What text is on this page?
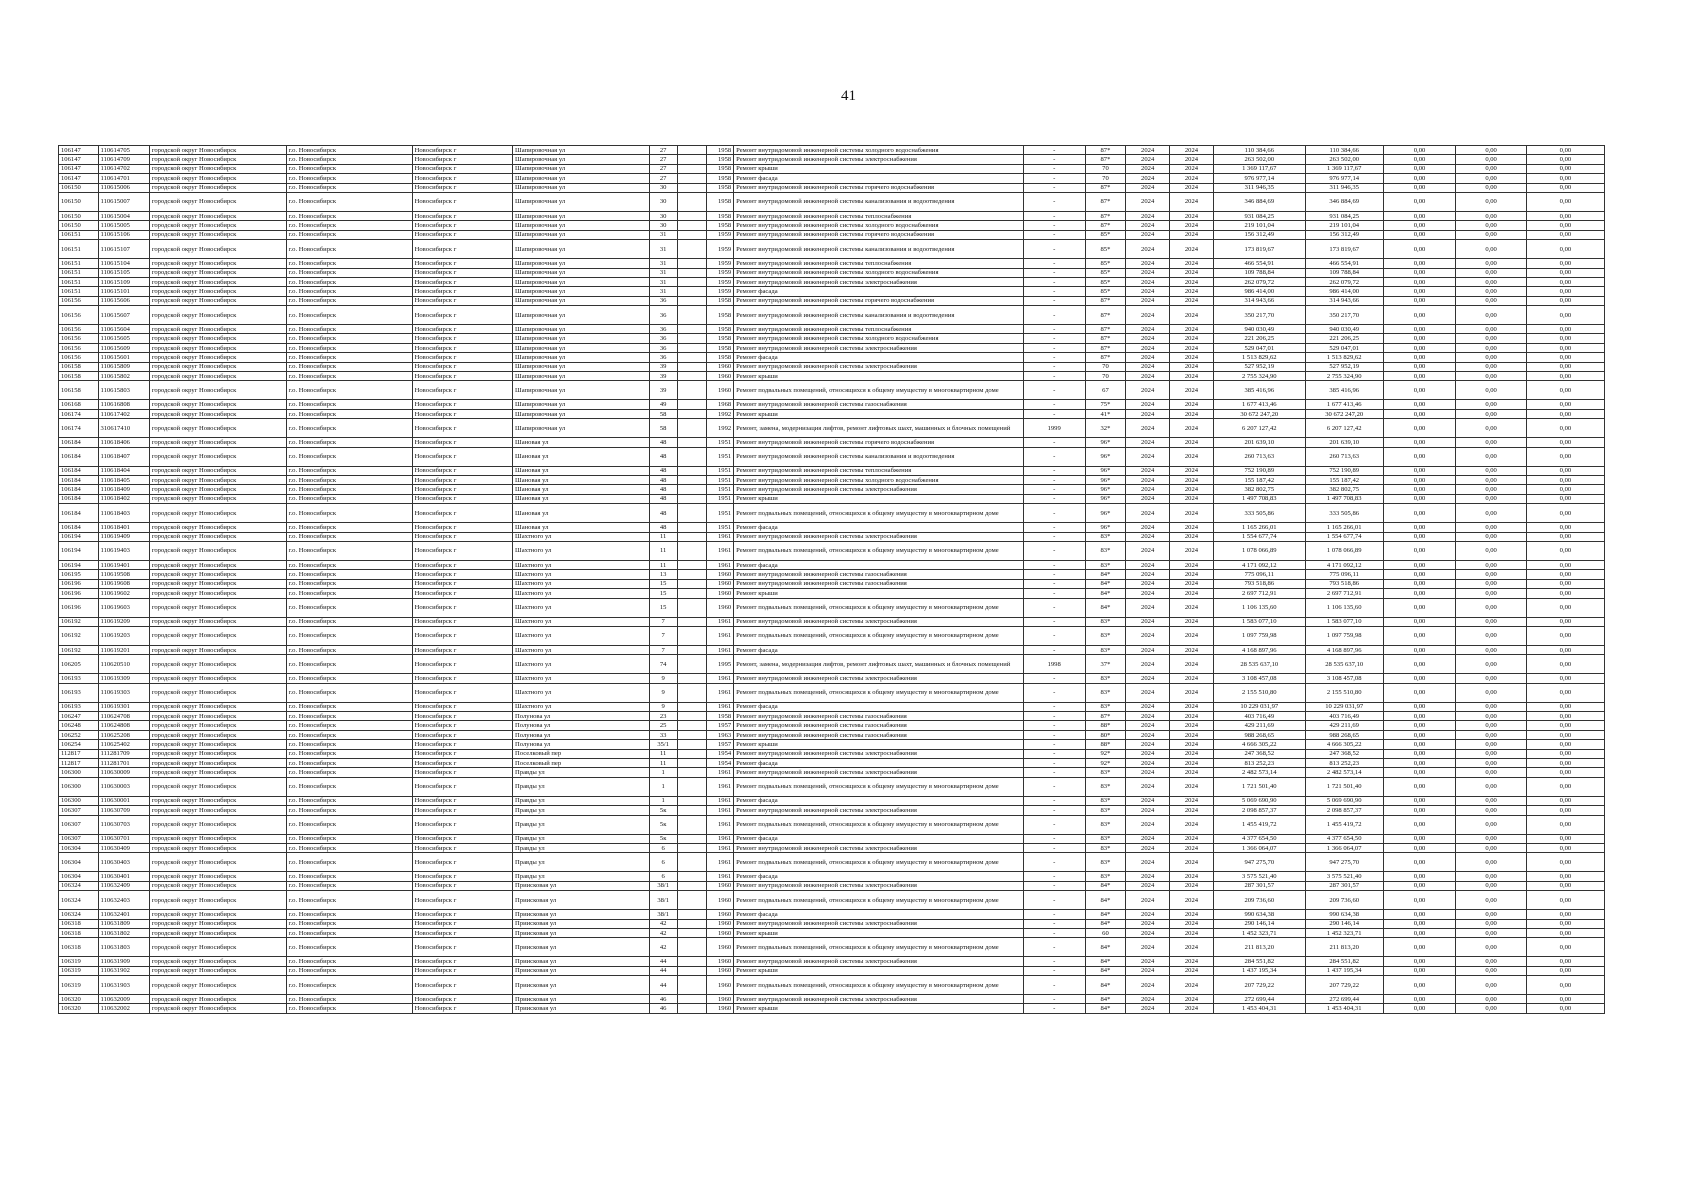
41
106147	110614705	городской округ Новосибирск	г.о. Новосибирск	Новосибирск г	Шапировочная ул	27		1958	Ремонт внутридомовой инженерной системы холодного водоснабжения	-	87*	2024	2024	110 384,66	110 384,66	0,00	0,00	0,00
106147	110614709	городской округ Новосибирск	г.о. Новосибирск	Новосибирск г	Шапировочная ул	27		1958	Ремонт внутридомовой инженерной системы электроснабжения	-	87*	2024	2024	263 502,00	263 502,00	0,00	0,00	0,00
106147	110614702	городской округ Новосибирск	г.о. Новосибирск	Новосибирск г	Шапировочная ул	27		1958	Ремонт крыши	-	70	2024	2024	1 369 117,67	1 369 117,67	0,00	0,00	0,00
106147	110614701	городской округ Новосибирск	г.о. Новосибирск	Новосибирск г	Шапировочная ул	27		1958	Ремонт фасада	-	70	2024	2024	976 977,14	976 977,14	0,00	0,00	0,00
106150	110615006	городской округ Новосибирск	г.о. Новосибирск	Новосибирск г	Шапировочная ул	30		1958	Ремонт внутридомовой инженерной системы горячего водоснабжения	-	87*	2024	2024	311 946,35	311 946,35	0,00	0,00	0,00
106150	110615007	городской округ Новосибирск	г.о. Новосибирск	Новосибирск г	Шапировочная ул	30		1958	Ремонт внутридомовой инженерной системы канализования и водоотведения	-	87*	2024	2024	346 884,69	346 884,69	0,00	0,00	0,00
106150	110615004	городской округ Новосибирск	г.о. Новосибирск	Новосибирск г	Шапировочная ул	30		1958	Ремонт внутридомовой инженерной системы теплоснабжения	-	87*	2024	2024	931 084,25	931 084,25	0,00	0,00	0,00
106150	110615005	городской округ Новосибирск	г.о. Новосибирск	Новосибирск г	Шапировочная ул	30		1958	Ремонт внутридомовой инженерной системы холодного водоснабжения	-	87*	2024	2024	219 101,04	219 101,04	0,00	0,00	0,00
106151	110615106	городской округ Новосибирск	г.о. Новосибирск	Новосибирск г	Шапировочная ул	31		1959	Ремонт внутридомовой инженерной системы горячего водоснабжения	-	85*	2024	2024	156 312,49	156 312,49	0,00	0,00	0,00
106151	110615107	городской округ Новосибирск	г.о. Новосибирск	Новосибирск г	Шапировочная ул	31		1959	Ремонт внутридомовой инженерной системы канализования и водоотведения	-	85*	2024	2024	173 819,67	173 819,67	0,00	0,00	0,00
106151	110615104	городской округ Новосибирск	г.о. Новосибирск	Новосибирск г	Шапировочная ул	31		1959	Ремонт внутридомовой инженерной системы теплоснабжения	-	85*	2024	2024	466 554,91	466 554,91	0,00	0,00	0,00
106151	110615105	городской округ Новосибирск	г.о. Новосибирск	Новосибирск г	Шапировочная ул	31		1959	Ремонт внутридомовой инженерной системы холодного водоснабжения	-	85*	2024	2024	109 788,84	109 788,84	0,00	0,00	0,00
106151	110615109	городской округ Новосибирск	г.о. Новосибирск	Новосибирск г	Шапировочная ул	31		1959	Ремонт внутридомовой инженерной системы электроснабжения	-	85*	2024	2024	262 079,72	262 079,72	0,00	0,00	0,00
106151	110615101	городской округ Новосибирск	г.о. Новосибирск	Новосибирск г	Шапировочная ул	31		1959	Ремонт фасада	-	85*	2024	2024	986 414,00	986 414,00	0,00	0,00	0,00
106156	110615606	городской округ Новосибирск	г.о. Новосибирск	Новосибирск г	Шапировочная ул	36		1958	Ремонт внутридомовой инженерной системы горячего водоснабжения	-	87*	2024	2024	314 943,66	314 943,66	0,00	0,00	0,00
106156	110615607	городской округ Новосибирск	г.о. Новосибирск	Новосибирск г	Шапировочная ул	36		1958	Ремонт внутридомовой инженерной системы канализования и водоотведения	-	87*	2024	2024	350 217,70	350 217,70	0,00	0,00	0,00
106156	110615604	городской округ Новосибирск	г.о. Новосибирск	Новосибирск г	Шапировочная ул	36		1958	Ремонт внутридомовой инженерной системы теплоснабжения	-	87*	2024	2024	940 030,49	940 030,49	0,00	0,00	0,00
106156	110615605	городской округ Новосибирск	г.о. Новосибирск	Новосибирск г	Шапировочная ул	36		1958	Ремонт внутридомовой инженерной системы холодного водоснабжения	-	87*	2024	2024	221 206,25	221 206,25	0,00	0,00	0,00
106156	110615609	городской округ Новосибирск	г.о. Новосибирск	Новосибирск г	Шапировочная ул	36		1958	Ремонт внутридомовой инженерной системы электроснабжения	-	87*	2024	2024	529 047,01	529 047,01	0,00	0,00	0,00
106156	110615601	городской округ Новосибирск	г.о. Новосибирск	Новосибирск г	Шапировочная ул	36		1958	Ремонт фасада	-	87*	2024	2024	1 513 829,62	1 513 829,62	0,00	0,00	0,00
106158	110615809	городской округ Новосибирск	г.о. Новосибирск	Новосибирск г	Шапировочная ул	39		1960	Ремонт внутридомовой инженерной системы электроснабжения	-	70	2024	2024	527 952,19	527 952,19	0,00	0,00	0,00
106158	110615802	городской округ Новосибирск	г.о. Новосибирск	Новосибирск г	Шапировочная ул	39		1960	Ремонт крыши	-	70	2024	2024	2 755 324,90	2 755 324,90	0,00	0,00	0,00
106158	110615803	городской округ Новосибирск	г.о. Новосибирск	Новосибирск г	Шапировочная ул	39		1960	Ремонт подвальных помещений, относящихся к общему имуществу в многоквартирном доме	-	67	2024	2024	385 416,96	385 416,96	0,00	0,00	0,00
106168	110616808	городской округ Новосибирск	г.о. Новосибирск	Новосибирск г	Шапировочная ул	49		1968	Ремонт внутридомовой инженерной системы газоснабжения	-	75*	2024	2024	1 677 413,46	1 677 413,46	0,00	0,00	0,00
106174	110617402	городской округ Новосибирск	г.о. Новосибирск	Новосибирск г	Шапировочная ул	58		1992	Ремонт крыши	-	41*	2024	2024	30 672 247,20	30 672 247,20	0,00	0,00	0,00
106174	310617410	городской округ Новосибирск	г.о. Новосибирск	Новосибирск г	Шапировочная ул	58		1992	Ремонт, замена, модернизация лифтов, ремонт лифтовых шахт, машинных и блочных помещений	1999	32*	2024	2024	6 207 127,42	6 207 127,42	0,00	0,00	0,00
106184	110618406	городской округ Новосибирск	г.о. Новосибирск	Новосибирск г	Шановая ул	48		1951	Ремонт внутридомовой инженерной системы горячего водоснабжения	-	96*	2024	2024	201 639,10	201 639,10	0,00	0,00	0,00
106184	110618407	городской округ Новосибирск	г.о. Новосибирск	Новосибирск г	Шановая ул	48		1951	Ремонт внутридомовой инженерной системы канализования и водоотведения	-	96*	2024	2024	260 713,63	260 713,63	0,00	0,00	0,00
106184	110618404	городской округ Новосибирск	г.о. Новосибирск	Новосибирск г	Шановая ул	48		1951	Ремонт внутридомовой инженерной системы теплоснабжения	-	96*	2024	2024	752 190,89	752 190,89	0,00	0,00	0,00
106184	110618405	городской округ Новосибирск	г.о. Новосибирск	Новосибирск г	Шановая ул	48		1951	Ремонт внутридомовой инженерной системы холодного водоснабжения	-	96*	2024	2024	155 187,42	155 187,42	0,00	0,00	0,00
106184	110618409	городской округ Новосибирск	г.о. Новосибирск	Новосибирск г	Шановая ул	48		1951	Ремонт внутридомовой инженерной системы электроснабжения	-	96*	2024	2024	382 802,75	382 802,75	0,00	0,00	0,00
106184	110618402	городской округ Новосибирск	г.о. Новосибирск	Новосибирск г	Шановая ул	48		1951	Ремонт крыши	-	96*	2024	2024	1 497 708,83	1 497 708,83	0,00	0,00	0,00
106184	110618403	городской округ Новосибирск	г.о. Новосибирск	Новосибирск г	Шановая ул	48		1951	Ремонт подвальных помещений, относящихся к общему имуществу в многоквартирном доме	-	96*	2024	2024	333 505,86	333 505,86	0,00	0,00	0,00
106184	110618401	городской округ Новосибирск	г.о. Новосибирск	Новосибирск г	Шановая ул	48		1951	Ремонт фасада	-	96*	2024	2024	1 165 266,01	1 165 266,01	0,00	0,00	0,00
106194	110619409	городской округ Новосибирск	г.о. Новосибирск	Новосибирск г	Шахтного ул	11		1961	Ремонт внутридомовой инженерной системы электроснабжения	-	83*	2024	2024	1 554 677,74	1 554 677,74	0,00	0,00	0,00
106194	110619403	городской округ Новосибирск	г.о. Новосибирск	Новосибирск г	Шахтного ул	11		1961	Ремонт подвальных помещений, относящихся к общему имуществу в многоквартирном доме	-	83*	2024	2024	1 078 066,89	1 078 066,89	0,00	0,00	0,00
106194	110619401	городской округ Новосибирск	г.о. Новосибирск	Новосибирск г	Шахтного ул	11		1961	Ремонт фасада	-	83*	2024	2024	4 171 092,12	4 171 092,12	0,00	0,00	0,00
106195	110619508	городской округ Новосибирск	г.о. Новосибирск	Новосибирск г	Шахтного ул	13		1960	Ремонт внутридомовой инженерной системы газоснабжения	-	84*	2024	2024	775 096,11	775 096,11	0,00	0,00	0,00
106196	110619608	городской округ Новосибирск	г.о. Новосибирск	Новосибирск г	Шахтного ул	15		1960	Ремонт внутридомовой инженерной системы газоснабжения	-	84*	2024	2024	793 518,86	793 518,86	0,00	0,00	0,00
106196	110619602	городской округ Новосибирск	г.о. Новосибирск	Новосибирск г	Шахтного ул	15		1960	Ремонт крыши	-	84*	2024	2024	2 697 712,91	2 697 712,91	0,00	0,00	0,00
106196	110619603	городской округ Новосибирск	г.о. Новосибирск	Новосибирск г	Шахтного ул	15		1960	Ремонт подвальных помещений, относящихся к общему имуществу в многоквартирном доме	-	84*	2024	2024	1 106 135,60	1 106 135,60	0,00	0,00	0,00
106192	110619209	городской округ Новосибирск	г.о. Новосибирск	Новосибирск г	Шахтного ул	7		1961	Ремонт внутридомовой инженерной системы электроснабжения	-	83*	2024	2024	1 583 077,10	1 583 077,10	0,00	0,00	0,00
106192	110619203	городской округ Новосибирск	г.о. Новосибирск	Новосибирск г	Шахтного ул	7		1961	Ремонт подвальных помещений, относящихся к общему имуществу в многоквартирном доме	-	83*	2024	2024	1 097 759,98	1 097 759,98	0,00	0,00	0,00
106192	110619201	городской округ Новосибирск	г.о. Новосибирск	Новосибирск г	Шахтного ул	7		1961	Ремонт фасада	-	83*	2024	2024	4 168 897,96	4 168 897,96	0,00	0,00	0,00
106205	110620510	городской округ Новосибирск	г.о. Новосибирск	Новосибирск г	Шахтного ул	74		1995	Ремонт, замена, модернизация лифтов, ремонт лифтовых шахт, машинных и блочных помещений	1998	37*	2024	2024	28 535 637,10	28 535 637,10	0,00	0,00	0,00
106193	110619309	городской округ Новосибирск	г.о. Новосибирск	Новосибирск г	Шахтного ул	9		1961	Ремонт внутридомовой инженерной системы электроснабжения	-	83*	2024	2024	3 108 457,08	3 108 457,08	0,00	0,00	0,00
106193	110619303	городской округ Новосибирск	г.о. Новосибирск	Новосибирск г	Шахтного ул	9		1961	Ремонт подвальных помещений, относящихся к общему имуществу в многоквартирном доме	-	83*	2024	2024	2 155 510,80	2 155 510,80	0,00	0,00	0,00
106193	110619301	городской округ Новосибирск	г.о. Новосибирск	Новосибирск г	Шахтного ул	9		1961	Ремонт фасада	-	83*	2024	2024	10 229 031,97	10 229 031,97	0,00	0,00	0,00
106247	110624708	городской округ Новосибирск	г.о. Новосибирск	Новосибирск г	Полунова ул	23		1958	Ремонт внутридомовой инженерной системы газоснабжения	-	87*	2024	2024	403 716,49	403 716,49	0,00	0,00	0,00
106248	110624808	городской округ Новосибирск	г.о. Новосибирск	Новосибирск г	Полунова ул	25		1957	Ремонт внутридомовой инженерной системы газоснабжения	-	88*	2024	2024	429 211,69	429 211,69	0,00	0,00	0,00
106252	110625208	городской округ Новосибирск	г.о. Новосибирск	Новосибирск г	Полунова ул	33		1963	Ремонт внутридомовой инженерной системы газоснабжения	-	80*	2024	2024	988 268,65	988 268,65	0,00	0,00	0,00
106254	110625402	городской округ Новосибирск	г.о. Новосибирск	Новосибирск г	Полунова ул	35/1		1957	Ремонт крыши	-	88*	2024	2024	4 666 305,22	4 666 305,22	0,00	0,00	0,00
112817	111281709	городской округ Новосибирск	г.о. Новосибирск	Новосибирск г	Поселковый пер	11		1954	Ремонт внутридомовой инженерной системы электроснабжения	-	92*	2024	2024	247 368,52	247 368,52	0,00	0,00	0,00
112817	111281701	городской округ Новосибирск	г.о. Новосибирск	Новосибирск г	Поселковый пер	11		1954	Ремонт фасада	-	92*	2024	2024	813 252,23	813 252,23	0,00	0,00	0,00
106300	110630009	городской округ Новосибирск	г.о. Новосибирск	Новосибирск г	Правды ул	1		1961	Ремонт внутридомовой инженерной системы электроснабжения	-	83*	2024	2024	2 482 573,14	2 482 573,14	0,00	0,00	0,00
106300	110630003	городской округ Новосибирск	г.о. Новосибирск	Новосибирск г	Правды ул	1		1961	Ремонт подвальных помещений, относящихся к общему имуществу в многоквартирном доме	-	83*	2024	2024	1 721 501,40	1 721 501,40	0,00	0,00	0,00
106300	110630001	городской округ Новосибирск	г.о. Новосибирск	Новосибирск г	Правды ул	1		1961	Ремонт фасада	-	83*	2024	2024	5 069 690,90	5 069 690,90	0,00	0,00	0,00
106307	110630709	городской округ Новосибирск	г.о. Новосибирск	Новосибирск г	Правды ул	5к		1961	Ремонт внутридомовой инженерной системы электроснабжения	-	83*	2024	2024	2 098 857,37	2 098 857,37	0,00	0,00	0,00
106307	110630703	городской округ Новосибирск	г.о. Новосибирск	Новосибирск г	Правды ул	5к		1961	Ремонт подвальных помещений, относящихся к общему имуществу в многоквартирном доме	-	83*	2024	2024	1 455 419,72	1 455 419,72	0,00	0,00	0,00
106307	110630701	городской округ Новосибирск	г.о. Новосибирск	Новосибирск г	Правды ул	5к		1961	Ремонт фасада	-	83*	2024	2024	4 377 654,50	4 377 654,50	0,00	0,00	0,00
106304	110630409	городской округ Новосибирск	г.о. Новосибирск	Новосибирск г	Правды ул	6		1961	Ремонт внутридомовой инженерной системы электроснабжения	-	83*	2024	2024	1 366 064,07	1 366 064,07	0,00	0,00	0,00
106304	110630403	городской округ Новосибирск	г.о. Новосибирск	Новосибирск г	Правды ул	6		1961	Ремонт подвальных помещений, относящихся к общему имуществу в многоквартирном доме	-	83*	2024	2024	947 275,70	947 275,70	0,00	0,00	0,00
106304	110630401	городской округ Новосибирск	г.о. Новосибирск	Новосибирск г	Правды ул	6		1961	Ремонт фасада	-	83*	2024	2024	3 575 521,40	3 575 521,40	0,00	0,00	0,00
106324	110632409	городской округ Новосибирск	г.о. Новосибирск	Новосибирск г	Приисковая ул	38/1		1960	Ремонт внутридомовой инженерной системы электроснабжения	-	84*	2024	2024	287 301,57	287 301,57	0,00	0,00	0,00
106324	110632403	городской округ Новосибирск	г.о. Новосибирск	Новосибирск г	Приисковая ул	38/1		1960	Ремонт подвальных помещений, относящихся к общему имуществу в многоквартирном доме	-	84*	2024	2024	209 736,60	209 736,60	0,00	0,00	0,00
106324	110632401	городской округ Новосибирск	г.о. Новосибирск	Новосибирск г	Приисковая ул	38/1		1960	Ремонт фасада	-	84*	2024	2024	990 634,38	990 634,38	0,00	0,00	0,00
106318	110631809	городской округ Новосибирск	г.о. Новосибирск	Новосибирск г	Приисковая ул	42		1960	Ремонт внутридомовой инженерной системы электроснабжения	-	84*	2024	2024	290 146,14	290 146,14	0,00	0,00	0,00
106318	110631802	городской округ Новосибирск	г.о. Новосибирск	Новосибирск г	Приисковая ул	42		1960	Ремонт крыши	-	60	2024	2024	1 452 323,71	1 452 323,71	0,00	0,00	0,00
106318	110631803	городской округ Новосибирск	г.о. Новосибирск	Новосибирск г	Приисковая ул	42		1960	Ремонт подвальных помещений, относящихся к общему имуществу в многоквартирном доме	-	84*	2024	2024	211 813,20	211 813,20	0,00	0,00	0,00
106319	110631909	городской округ Новосибирск	г.о. Новосибирск	Новосибирск г	Приисковая ул	44		1960	Ремонт внутридомовой инженерной системы электроснабжения	-	84*	2024	2024	284 551,82	284 551,82	0,00	0,00	0,00
106319	110631902	городской округ Новосибирск	г.о. Новосибирск	Новосибирск г	Приисковая ул	44		1960	Ремонт крыши	-	84*	2024	2024	1 437 195,34	1 437 195,34	0,00	0,00	0,00
106319	110631903	городской округ Новосибирск	г.о. Новосибирск	Новосибирск г	Приисковая ул	44		1960	Ремонт подвальных помещений, относящихся к общему имуществу в многоквартирном доме	-	84*	2024	2024	207 729,22	207 729,22	0,00	0,00	0,00
106320	110632009	городской округ Новосибирск	г.о. Новосибирск	Новосибирск г	Приисковая ул	46		1960	Ремонт внутридомовой инженерной системы электроснабжения	-	84*	2024	2024	272 699,44	272 699,44	0,00	0,00	0,00
106320	110632002	городской округ Новосибирск	г.о. Новосибирск	Новосибирск г	Приисковая ул	46		1960	Ремонт крыши	-	84*	2024	2024	1 453 404,31	1 453 404,31	0,00	0,00	0,00
